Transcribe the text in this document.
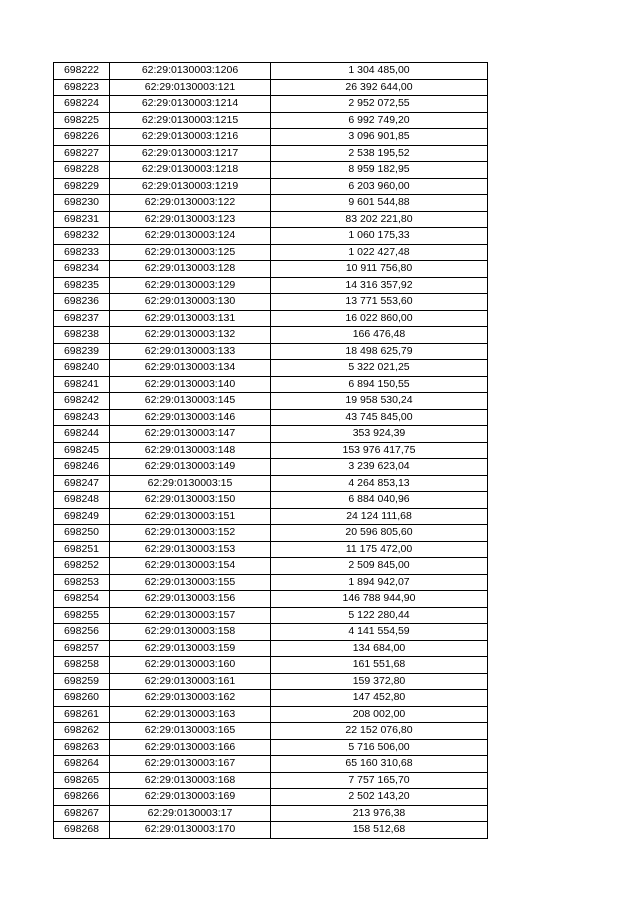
698222	62:29:0130003:1206	1 304 485,00
698223	62:29:0130003:121	26 392 644,00
698224	62:29:0130003:1214	2 952 072,55
698225	62:29:0130003:1215	6 992 749,20
698226	62:29:0130003:1216	3 096 901,85
698227	62:29:0130003:1217	2 538 195,52
698228	62:29:0130003:1218	8 959 182,95
698229	62:29:0130003:1219	6 203 960,00
698230	62:29:0130003:122	9 601 544,88
698231	62:29:0130003:123	83 202 221,80
698232	62:29:0130003:124	1 060 175,33
698233	62:29:0130003:125	1 022 427,48
698234	62:29:0130003:128	10 911 756,80
698235	62:29:0130003:129	14 316 357,92
698236	62:29:0130003:130	13 771 553,60
698237	62:29:0130003:131	16 022 860,00
698238	62:29:0130003:132	166 476,48
698239	62:29:0130003:133	18 498 625,79
698240	62:29:0130003:134	5 322 021,25
698241	62:29:0130003:140	6 894 150,55
698242	62:29:0130003:145	19 958 530,24
698243	62:29:0130003:146	43 745 845,00
698244	62:29:0130003:147	353 924,39
698245	62:29:0130003:148	153 976 417,75
698246	62:29:0130003:149	3 239 623,04
698247	62:29:0130003:15	4 264 853,13
698248	62:29:0130003:150	6 884 040,96
698249	62:29:0130003:151	24 124 111,68
698250	62:29:0130003:152	20 596 805,60
698251	62:29:0130003:153	11 175 472,00
698252	62:29:0130003:154	2 509 845,00
698253	62:29:0130003:155	1 894 942,07
698254	62:29:0130003:156	146 788 944,90
698255	62:29:0130003:157	5 122 280,44
698256	62:29:0130003:158	4 141 554,59
698257	62:29:0130003:159	134 684,00
698258	62:29:0130003:160	161 551,68
698259	62:29:0130003:161	159 372,80
698260	62:29:0130003:162	147 452,80
698261	62:29:0130003:163	208 002,00
698262	62:29:0130003:165	22 152 076,80
698263	62:29:0130003:166	5 716 506,00
698264	62:29:0130003:167	65 160 310,68
698265	62:29:0130003:168	7 757 165,70
698266	62:29:0130003:169	2 502 143,20
698267	62:29:0130003:17	213 976,38
698268	62:29:0130003:170	158 512,68
